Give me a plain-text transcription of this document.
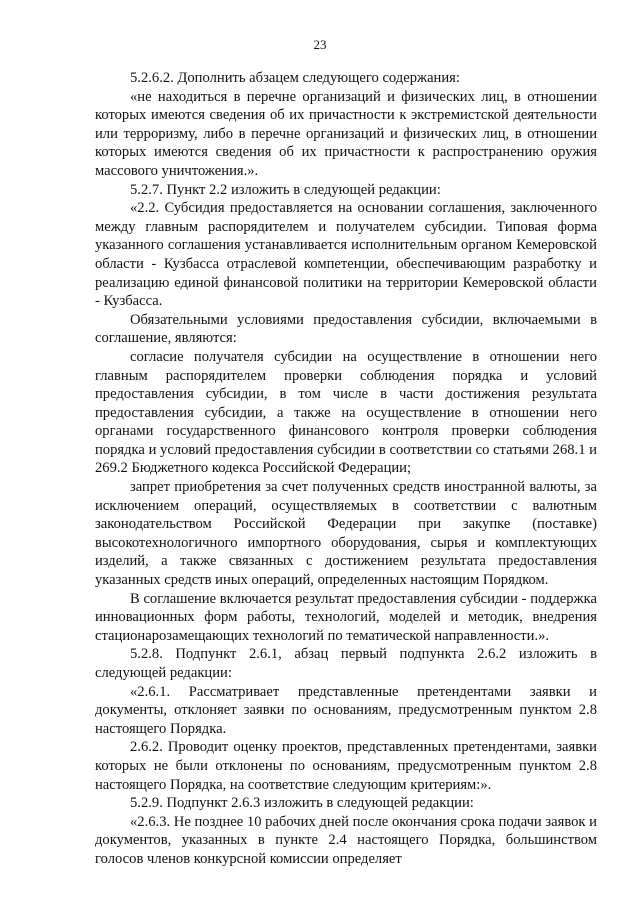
23

5.2.6.2. Дополнить абзацем следующего содержания:

«не находиться в перечне организаций и физических лиц, в отношении которых имеются сведения об их причастности к экстремистской деятельности или терроризму, либо в перечне организаций и физических лиц, в отношении которых имеются сведения об их причастности к распространению оружия массового уничтожения.».

5.2.7. Пункт 2.2 изложить в следующей редакции:

«2.2. Субсидия предоставляется на основании соглашения, заключенного между главным распорядителем и получателем субсидии. Типовая форма указанного соглашения устанавливается исполнительным органом Кемеровской области - Кузбасса отраслевой компетенции, обеспечивающим разработку и реализацию единой финансовой политики на территории Кемеровской области - Кузбасса.

Обязательными условиями предоставления субсидии, включаемыми в соглашение, являются:

согласие получателя субсидии на осуществление в отношении него главным распорядителем проверки соблюдения порядка и условий предоставления субсидии, в том числе в части достижения результата предоставления субсидии, а также на осуществление в отношении него органами государственного финансового контроля проверки соблюдения порядка и условий предоставления субсидии в соответствии со статьями 268.1 и 269.2 Бюджетного кодекса Российской Федерации;

запрет приобретения за счет полученных средств иностранной валюты, за исключением операций, осуществляемых в соответствии с валютным законодательством Российской Федерации при закупке (поставке) высокотехнологичного импортного оборудования, сырья и комплектующих изделий, а также связанных с достижением результата предоставления указанных средств иных операций, определенных настоящим Порядком.

В соглашение включается результат предоставления субсидии - поддержка инновационных форм работы, технологий, моделей и методик, внедрения стационарозамещающих технологий по тематической направленности.».

5.2.8. Подпункт 2.6.1, абзац первый подпункта 2.6.2 изложить в следующей редакции:

«2.6.1. Рассматривает представленные претендентами заявки и документы, отклоняет заявки по основаниям, предусмотренным пунктом 2.8 настоящего Порядка.

2.6.2. Проводит оценку проектов, представленных претендентами, заявки которых не были отклонены по основаниям, предусмотренным пунктом 2.8 настоящего Порядка, на соответствие следующим критериям:».

5.2.9. Подпункт 2.6.3 изложить в следующей редакции:

«2.6.3. Не позднее 10 рабочих дней после окончания срока подачи заявок и документов, указанных в пункте 2.4 настоящего Порядка, большинством голосов членов конкурсной комиссии определяет
